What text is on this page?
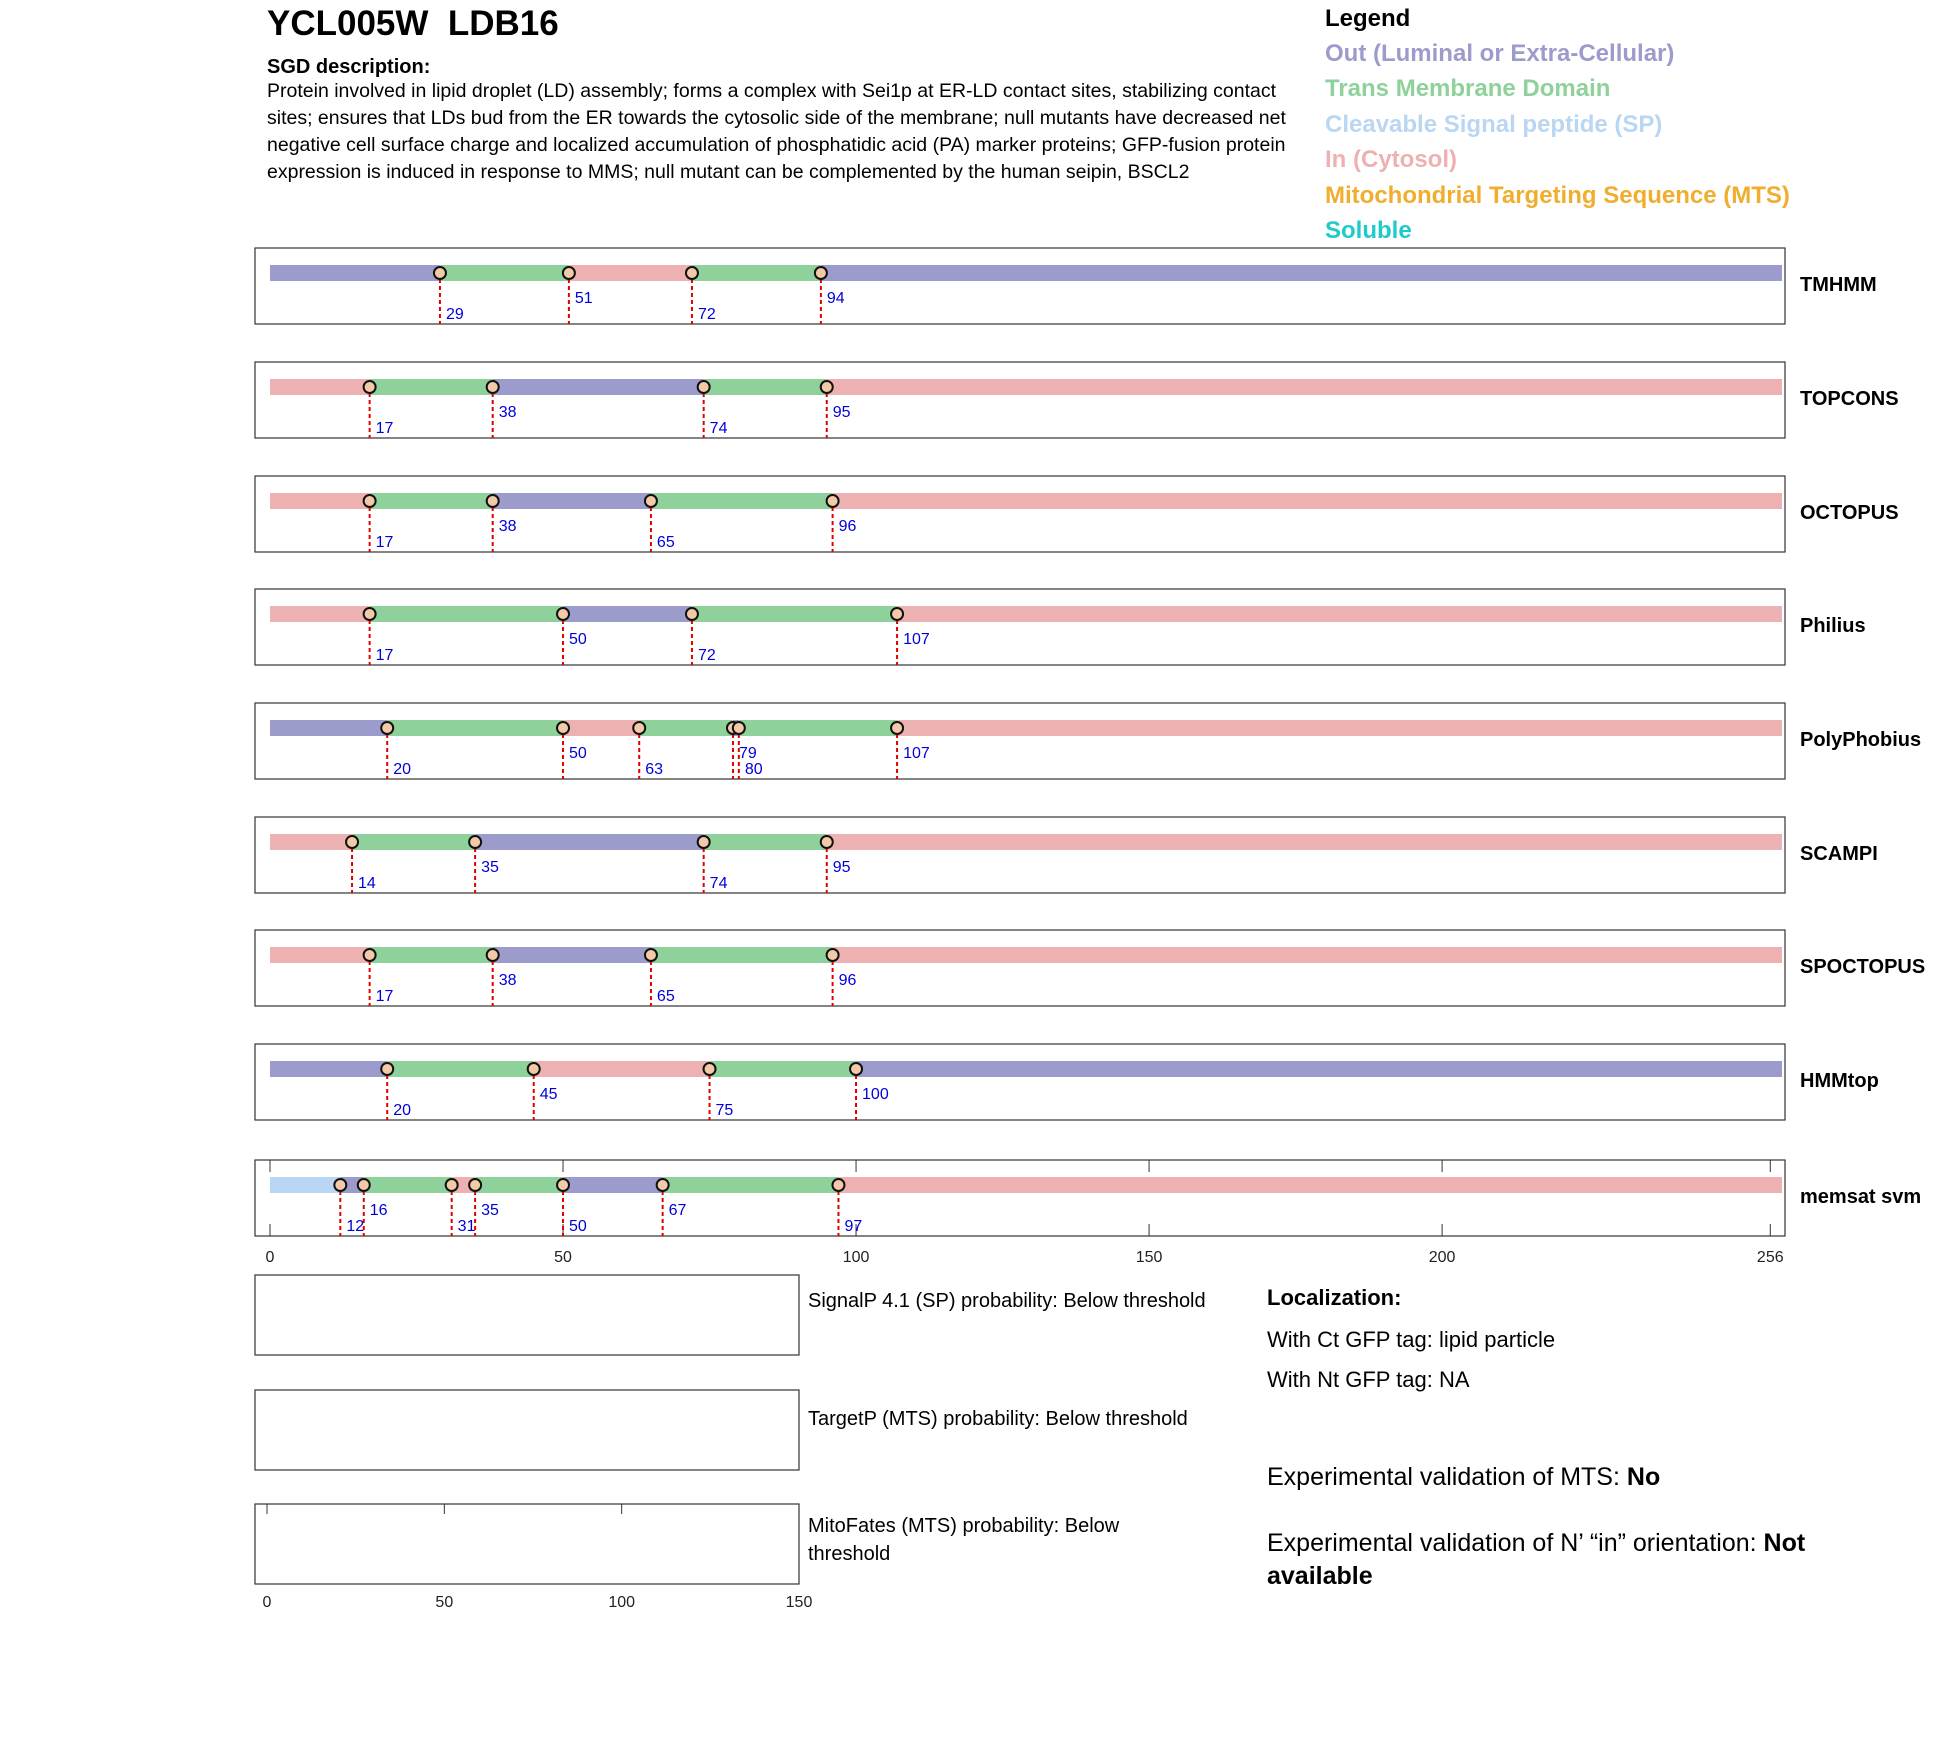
YCL005W  LDB16
SGD description:
Protein involved in lipid droplet (LD) assembly; forms a complex with Sei1p at ER-LD contact sites, stabilizing contact sites; ensures that LDs bud from the ER towards the cytosolic side of the membrane; null mutants have decreased net negative cell surface charge and localized accumulation of phosphatidic acid (PA) marker proteins; GFP-fusion protein expression is induced in response to MMS; null mutant can be complemented by the human seipin, BSCL2
Legend
Out (Luminal or Extra-Cellular)
Trans Membrane Domain
Cleavable Signal peptide (SP)
In (Cytosol)
Mitochondrial Targeting Sequence (MTS)
Soluble
29
51
72
94
TMHMM
17
38
74
95
TOPCONS
17
38
65
96
OCTOPUS
17
50
72
107
Philius
20
50
63
79
80
107
PolyPhobius
14
35
74
95
SCAMPI
17
38
65
96
SPOCTOPUS
20
45
75
100
HMMtop
0	50	100	150	200	256
12
16
31
35
50
67
97
memsat svm
0	50	100	150
SignalP 4.1 (SP) probability: Below threshold
TargetP (MTS) probability: Below threshold
MitoFates (MTS) probability: Below threshold
Localization:
With Ct GFP tag: lipid particle
With Nt GFP tag: NA
Experimental validation of MTS: No
Experimental validation of N’ “in” orientation: Not available
